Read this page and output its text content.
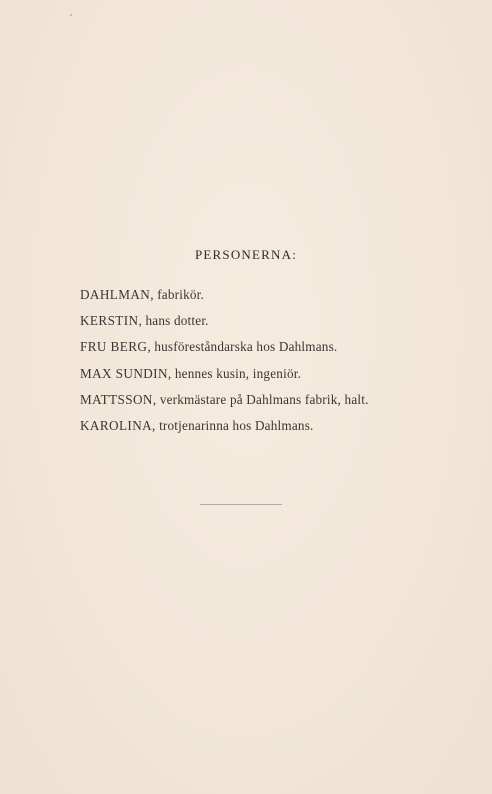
PERSONERNA:
DAHLMAN, fabrikör.
KERSTIN, hans dotter.
FRU BERG, husföreståndarska hos Dahlmans.
MAX SUNDIN, hennes kusin, ingeniör.
MATTSSON, verkmästare på Dahlmans fabrik, halt.
KAROLINA, trotjenarinna hos Dahlmans.
